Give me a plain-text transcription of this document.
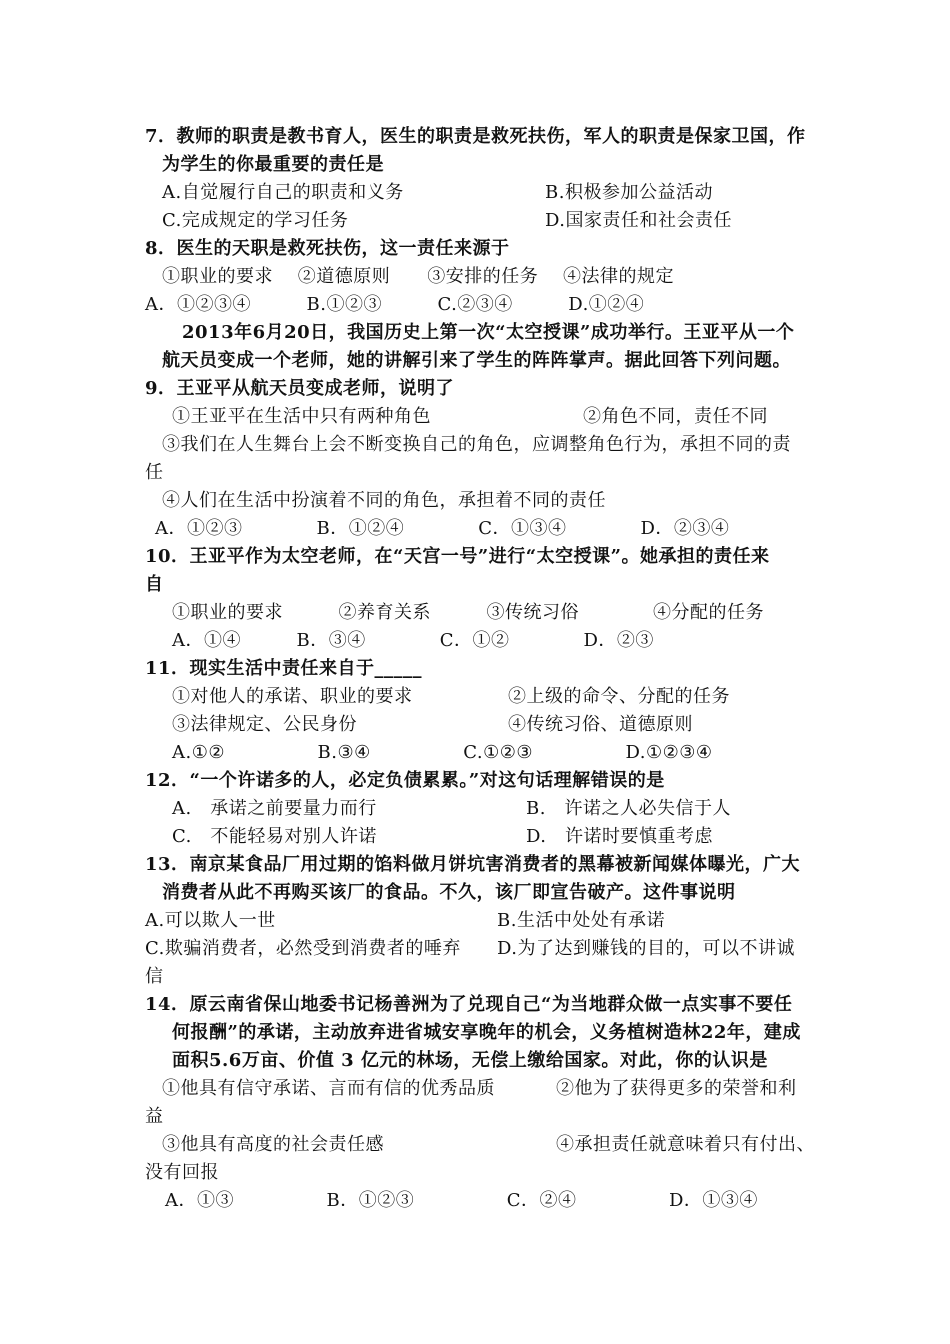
7．教师的职责是教书育人，医生的职责是救死扶伤，军人的职责是保家卫国，作
为学生的你最重要的责任是
A.自觉履行自己的职责和义务	B.积极参加公益活动
C.完成规定的学习任务	D.国家责任和社会责任
8．医生的天职是救死扶伤，这一责任来源于
①职业的要求　 ②道德原则　　③安排的任务　 ④法律的规定
A．①②③④　　　B.①②③　　　C.②③④　　　D.①②④
2013年6月20日，我国历史上第一次“太空授课”成功举行。王亚平从一个
航天员变成一个老师，她的讲解引来了学生的阵阵掌声。据此回答下列问题。
9．王亚平从航天员变成老师，说明了
①王亚平在生活中只有两种角色	②角色不同，责任不同
③我们在人生舞台上会不断变换自己的角色，应调整角色行为，承担不同的责
任
④人们在生活中扮演着不同的角色，承担着不同的责任
A．①②③　　　　B．①②④　　　　C．①③④　　　　D．②③④
10．王亚平作为太空老师，在“天宫一号”进行“太空授课”。她承担的责任来
自
①职业的要求　　　②养育关系　　　③传统习俗　　　　④分配的任务
A．①④　　　B．③④　　　　C．①②　　　　D．②③
11．现实生活中责任来自于_____
①对他人的承诺、职业的要求	②上级的命令、分配的任务
③法律规定、公民身份	④传统习俗、道德原则
A.①②　　　　　B.③④　　　　　C.①②③　　　　　D.①②③④
12．“一个许诺多的人，必定负债累累。”对这句话理解错误的是
A.　承诺之前要量力而行	B.　许诺之人必失信于人
C.　不能轻易对别人许诺	D.　许诺时要慎重考虑
13．南京某食品厂用过期的馅料做月饼坑害消费者的黑幕被新闻媒体曝光，广大
消费者从此不再购买该厂的食品。不久，该厂即宣告破产。这件事说明
A.可以欺人一世	B.生活中处处有承诺
C.欺骗消费者，必然受到消费者的唾弃 D.为了达到赚钱的目的，可以不讲诚
信
14．原云南省保山地委书记杨善洲为了兑现自己“为当地群众做一点实事不要任
何报酬”的承诺，主动放弃进省城安享晚年的机会，义务植树造林22年，建成
面积5.6万亩、价值 3 亿元的林场，无偿上缴给国家。对此，你的认识是
①他具有信守承诺、言而有信的优秀品质	②他为了获得更多的荣誉和利
益
③他具有高度的社会责任感	④承担责任就意味着只有付出、
没有回报
A．①③　　　　　B．①②③　　　　　C．②④　　　　　D．①③④
